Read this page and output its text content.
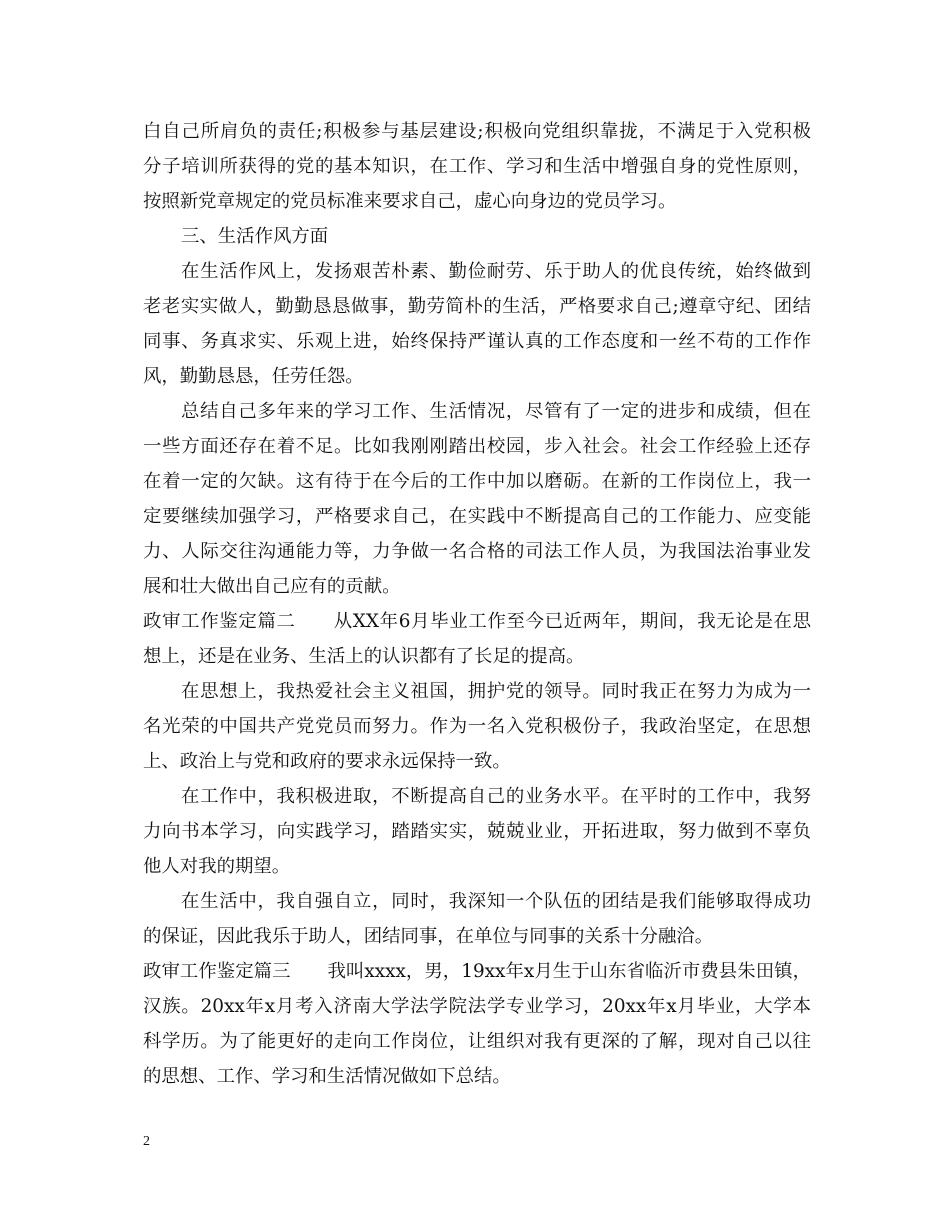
白自己所肩负的责任;积极参与基层建设;积极向党组织靠拢，不满足于入党积极
分子培训所获得的党的基本知识，在工作、学习和生活中增强自身的党性原则，
按照新党章规定的党员标准来要求自己，虚心向身边的党员学习。
三、生活作风方面
在生活作风上，发扬艰苦朴素、勤俭耐劳、乐于助人的优良传统，始终做到
老老实实做人，勤勤恳恳做事，勤劳简朴的生活，严格要求自己;遵章守纪、团结
同事、务真求实、乐观上进，始终保持严谨认真的工作态度和一丝不苟的工作作
风，勤勤恳恳，任劳任怨。
总结自己多年来的学习工作、生活情况，尽管有了一定的进步和成绩，但在
一些方面还存在着不足。比如我刚刚踏出校园，步入社会。社会工作经验上还存
在着一定的欠缺。这有待于在今后的工作中加以磨砺。在新的工作岗位上，我一
定要继续加强学习，严格要求自己，在实践中不断提高自己的工作能力、应变能
力、人际交往沟通能力等，力争做一名合格的司法工作人员，为我国法治事业发
展和壮大做出自己应有的贡献。
政审工作鉴定篇二　　从XX年6月毕业工作至今已近两年，期间，我无论是在思
想上，还是在业务、生活上的认识都有了长足的提高。
在思想上，我热爱社会主义祖国，拥护党的领导。同时我正在努力为成为一
名光荣的中国共产党党员而努力。作为一名入党积极份子，我政治坚定，在思想
上、政治上与党和政府的要求永远保持一致。
在工作中，我积极进取，不断提高自己的业务水平。在平时的工作中，我努
力向书本学习，向实践学习，踏踏实实，兢兢业业，开拓进取，努力做到不辜负
他人对我的期望。
在生活中，我自强自立，同时，我深知一个队伍的团结是我们能够取得成功
的保证，因此我乐于助人，团结同事，在单位与同事的关系十分融洽。
政审工作鉴定篇三　　我叫xxxx，男，19xx年x月生于山东省临沂市费县朱田镇，
汉族。20xx年x月考入济南大学法学院法学专业学习，20xx年x月毕业，大学本
科学历。为了能更好的走向工作岗位，让组织对我有更深的了解，现对自己以往
的思想、工作、学习和生活情况做如下总结。
2
